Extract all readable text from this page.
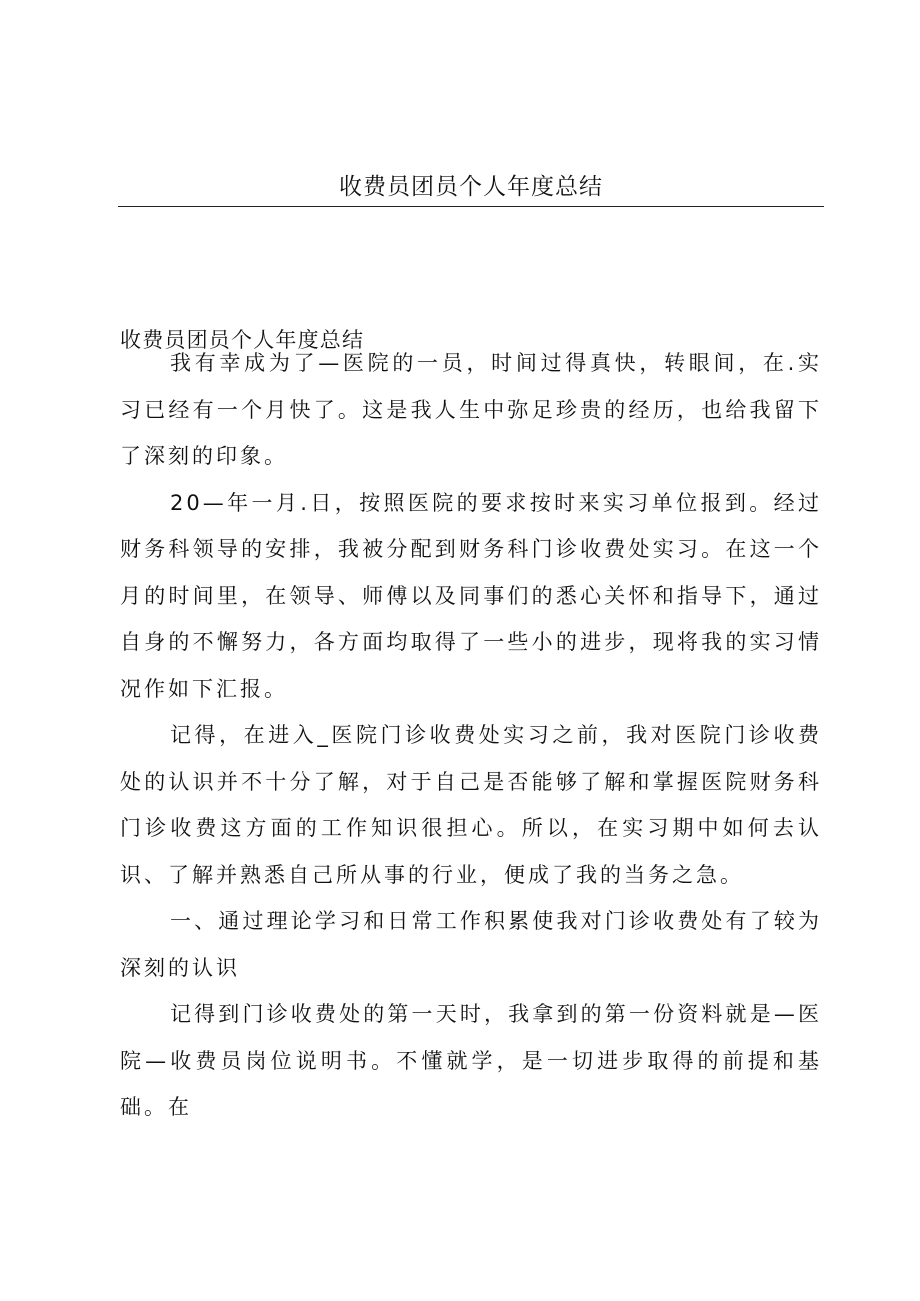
收费员团员个人年度总结
收费员团员个人年度总结

我有幸成为了—医院的一员，时间过得真快，转眼间，在.实习已经有一个月快了。这是我人生中弥足珍贵的经历，也给我留下了深刻的印象。

20—年一月.日，按照医院的要求按时来实习单位报到。经过财务科领导的安排，我被分配到财务科门诊收费处实习。在这一个月的时间里，在领导、师傅以及同事们的悉心关怀和指导下，通过自身的不懈努力，各方面均取得了一些小的进步，现将我的实习情况作如下汇报。

记得，在进入_医院门诊收费处实习之前，我对医院门诊收费处的认识并不十分了解，对于自己是否能够了解和掌握医院财务科门诊收费这方面的工作知识很担心。所以，在实习期中如何去认识、了解并熟悉自己所从事的行业，便成了我的当务之急。

一、通过理论学习和日常工作积累使我对门诊收费处有了较为深刻的认识

记得到门诊收费处的第一天时，我拿到的第一份资料就是—医院—收费员岗位说明书。不懂就学，是一切进步取得的前提和基础。在
